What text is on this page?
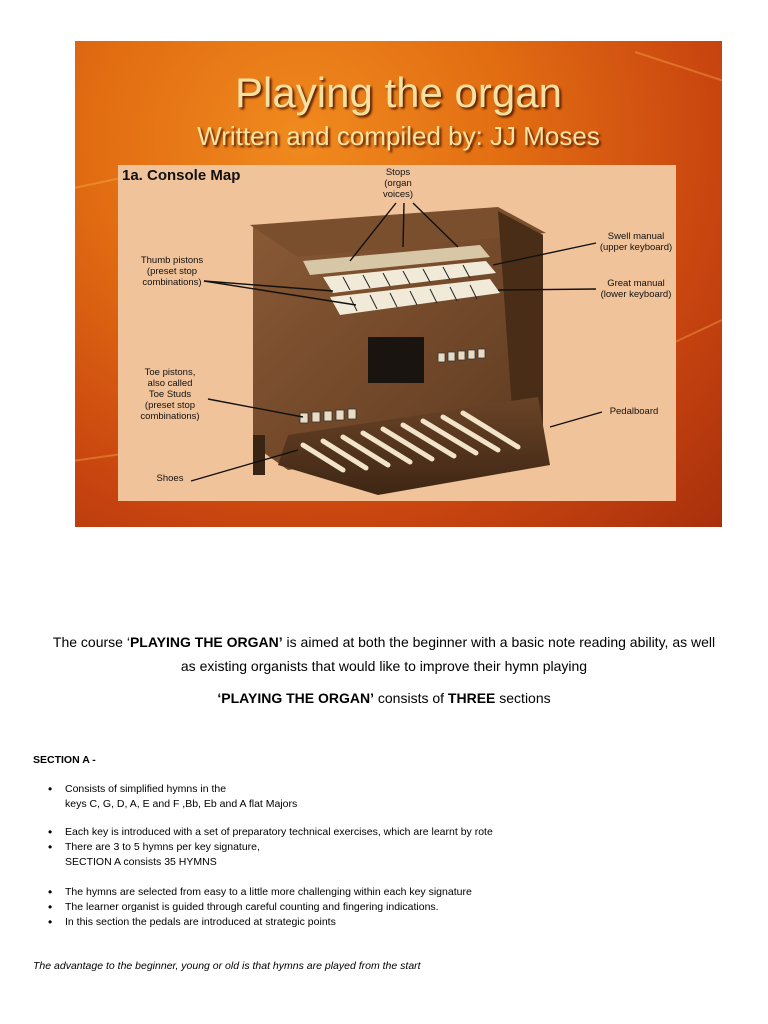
Playing the organ
Written and compiled by: JJ Moses
1a. Console Map	Stops
(organ voices)
Swell manual
(upper keyboard)
Thumb pistons
(preset stop
combinations)	Great manual
(lower keyboard)
Toe pistons,
also called
Toe Studs
(preset stop
combinations)	Pedalboard
Shoes
The course ‘PLAYING THE ORGAN’ is aimed at both the beginner with a basic note reading ability, as well
as existing organists that would like to improve their hymn playing
‘PLAYING THE ORGAN’ consists of THREE sections
SECTION A -
• Consists of simplified hymns in the
keys C, G, D, A, E and F ,Bb, Eb and A flat Majors
• Each key is introduced with a set of preparatory technical exercises, which are learnt by rote
• There are 3 to 5 hymns per key signature,
SECTION A consists 35 HYMNS
• The hymns are selected from easy to a little more challenging within each key signature
• The learner organist is guided through careful counting and fingering indications.
• In this section the pedals are introduced at strategic points
The advantage to the beginner, young or old is that hymns are played from the start
